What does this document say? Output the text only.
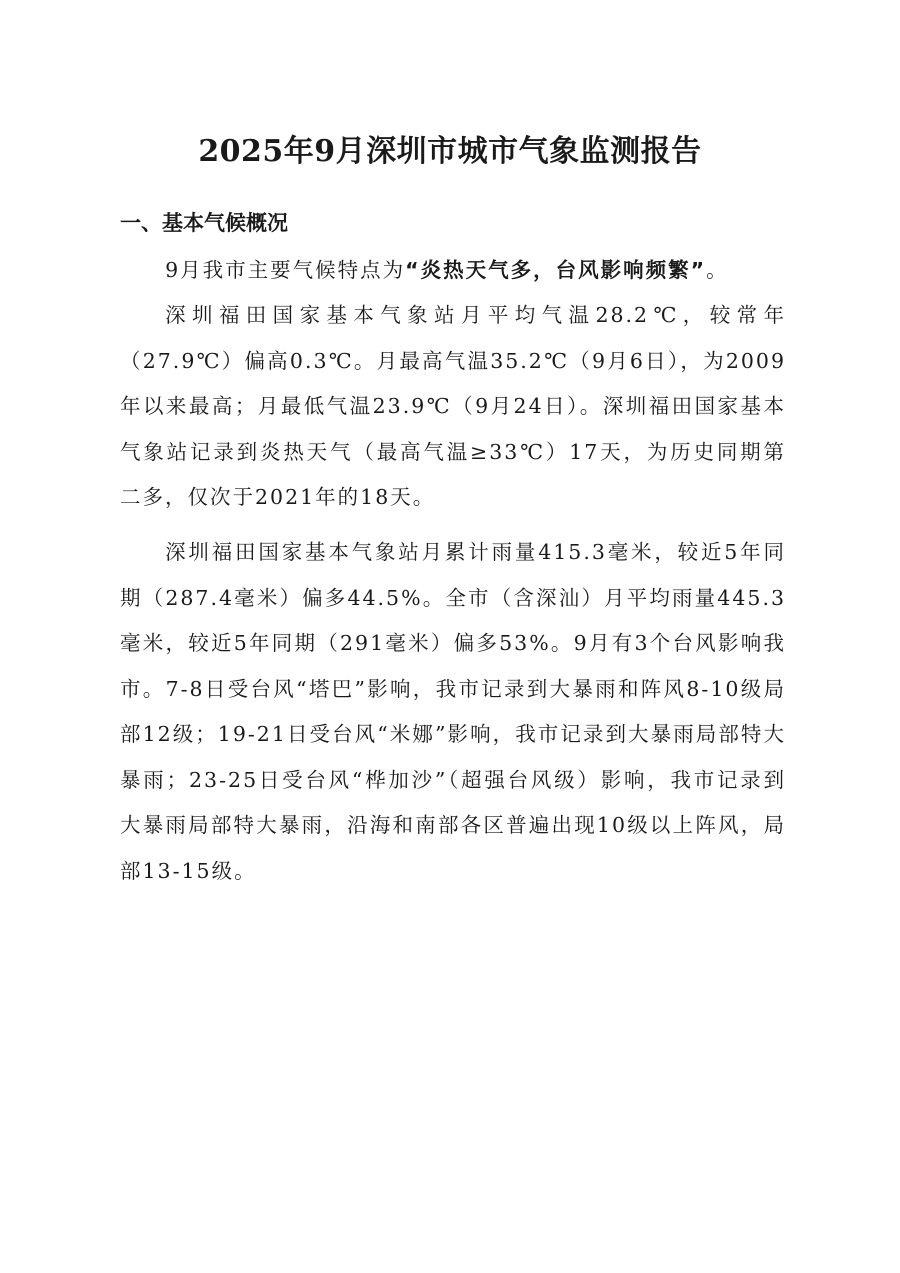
2025年9月深圳市城市气象监测报告
一、基本气候概况

9月我市主要气候特点为“炎热天气多，台风影响频繁”。

深圳福田国家基本气象站月平均气温28.2℃，较常年（27.9℃）偏高0.3℃。月最高气温35.2℃（9月6日），为2009年以来最高；月最低气温23.9℃（9月24日）。深圳福田国家基本气象站记录到炎热天气（最高气温≥33℃）17天，为历史同期第二多，仅次于2021年的18天。

深圳福田国家基本气象站月累计雨量415.3毫米，较近5年同期（287.4毫米）偏多44.5%。全市（含深汕）月平均雨量445.3毫米，较近5年同期（291毫米）偏多53%。9月有3个台风影响我市。7-8日受台风“塔巴”影响，我市记录到大暴雨和阵风8-10级局部12级；19-21日受台风“米娜”影响，我市记录到大暴雨局部特大暴雨；23-25日受台风“桦加沙”（超强台风级）影响，我市记录到大暴雨局部特大暴雨，沿海和南部各区普遍出现10级以上阵风，局部13-15级。
